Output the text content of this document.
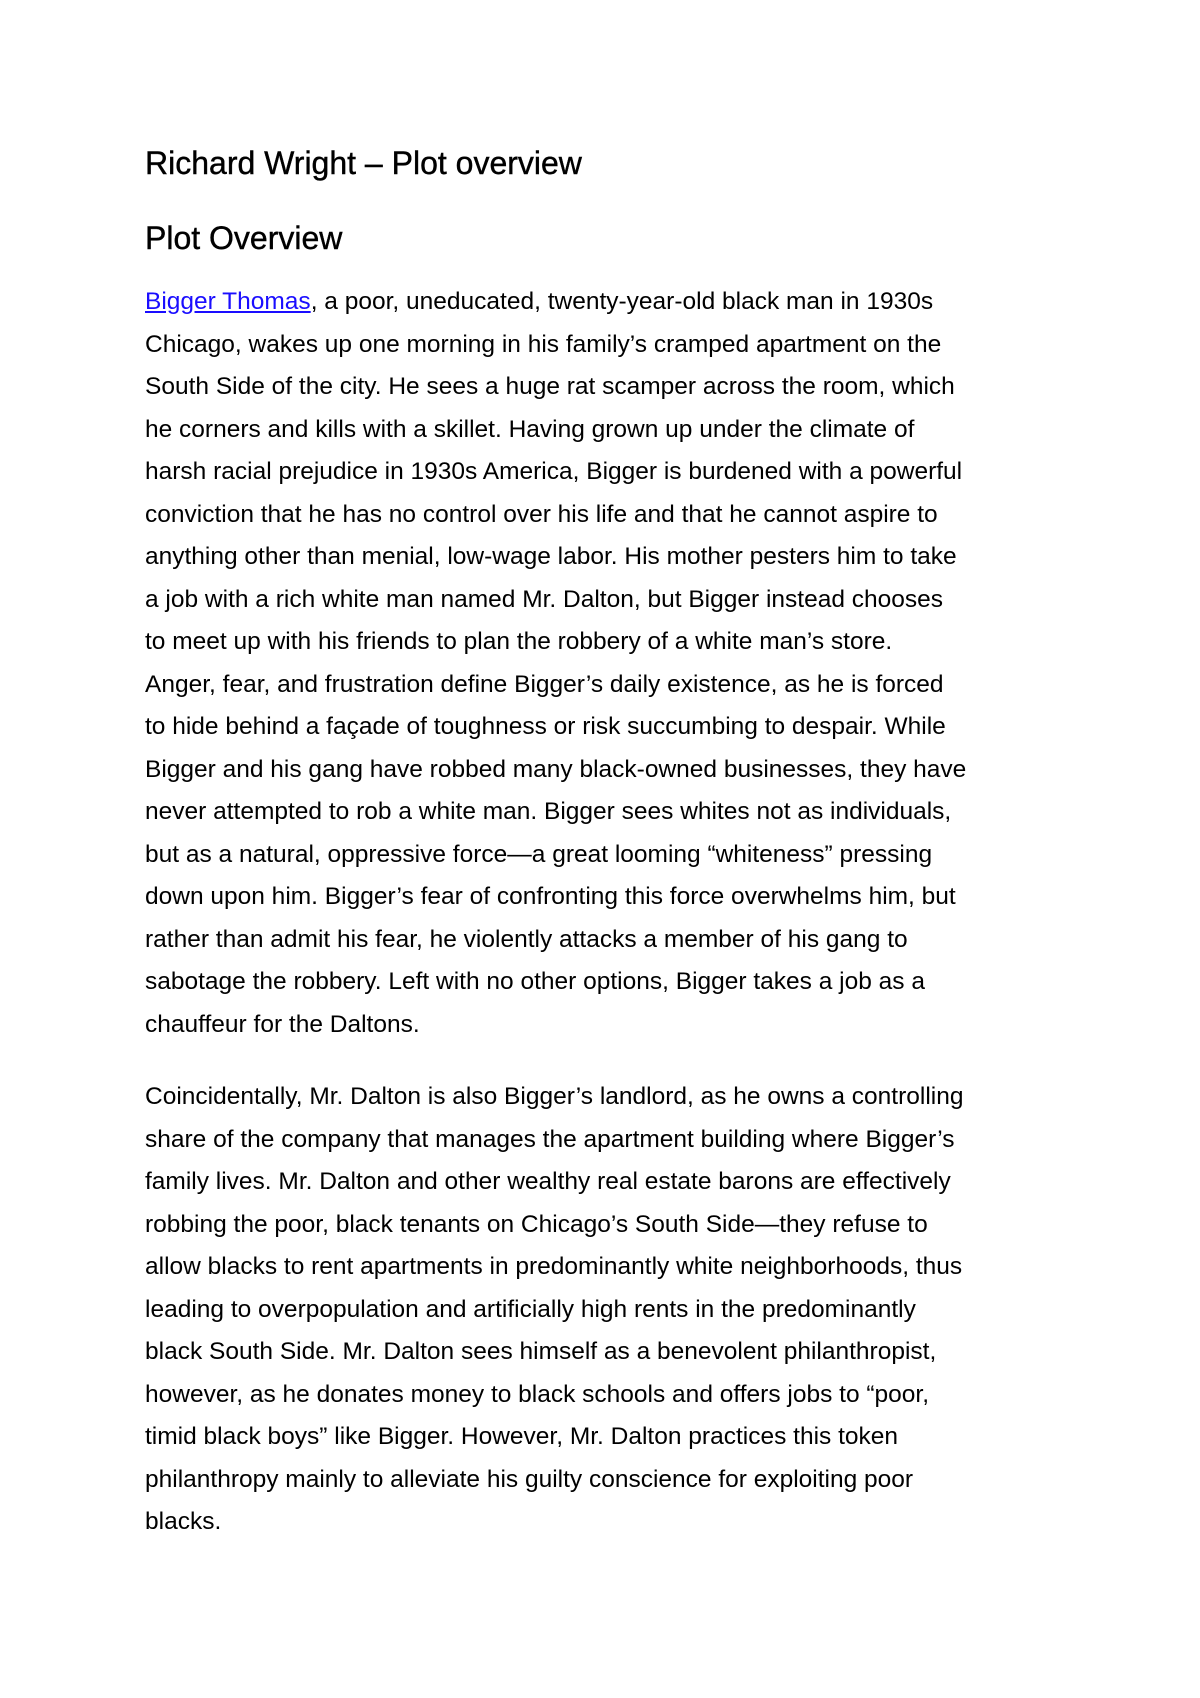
Richard Wright – Plot overview
Plot Overview
Bigger Thomas, a poor, uneducated, twenty-year-old black man in 1930s
Chicago, wakes up one morning in his family’s cramped apartment on the
South Side of the city. He sees a huge rat scamper across the room, which
he corners and kills with a skillet. Having grown up under the climate of
harsh racial prejudice in 1930s America, Bigger is burdened with a powerful
conviction that he has no control over his life and that he cannot aspire to
anything other than menial, low-wage labor. His mother pesters him to take
a job with a rich white man named Mr. Dalton, but Bigger instead chooses
to meet up with his friends to plan the robbery of a white man’s store.
Anger, fear, and frustration define Bigger’s daily existence, as he is forced
to hide behind a façade of toughness or risk succumbing to despair. While
Bigger and his gang have robbed many black-owned businesses, they have
never attempted to rob a white man. Bigger sees whites not as individuals,
but as a natural, oppressive force—a great looming “whiteness” pressing
down upon him. Bigger’s fear of confronting this force overwhelms him, but
rather than admit his fear, he violently attacks a member of his gang to
sabotage the robbery. Left with no other options, Bigger takes a job as a
chauffeur for the Daltons.
Coincidentally, Mr. Dalton is also Bigger’s landlord, as he owns a controlling
share of the company that manages the apartment building where Bigger’s
family lives. Mr. Dalton and other wealthy real estate barons are effectively
robbing the poor, black tenants on Chicago’s South Side—they refuse to
allow blacks to rent apartments in predominantly white neighborhoods, thus
leading to overpopulation and artificially high rents in the predominantly
black South Side. Mr. Dalton sees himself as a benevolent philanthropist,
however, as he donates money to black schools and offers jobs to “poor,
timid black boys” like Bigger. However, Mr. Dalton practices this token
philanthropy mainly to alleviate his guilty conscience for exploiting poor
blacks.
